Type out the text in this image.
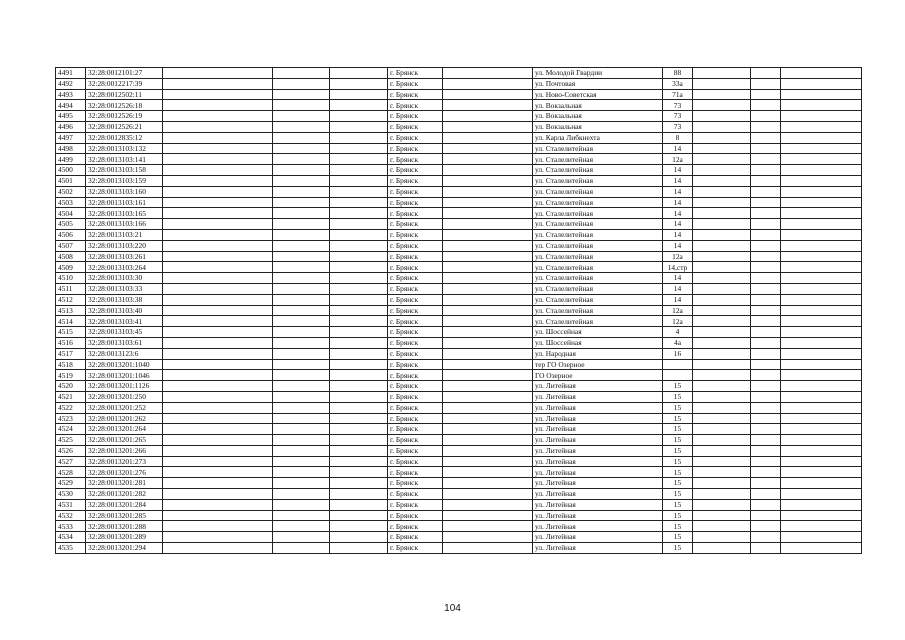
4491	32:28:0012101:27				г. Брянск		ул. Молодой Гвардии	88			
4492	32:28:0012217:39				г. Брянск		ул. Почтовая	33а			
4493	32:28:0012502:11				г. Брянск		ул. Ново-Советская	71а			
4494	32:28:0012526:18				г. Брянск		ул. Вокзальная	73			
4495	32:28:0012526:19				г. Брянск		ул. Вокзальная	73			
4496	32:28:0012526:21				г. Брянск		ул. Вокзальная	73			
4497	32:28:0012835:12				г. Брянск		ул. Карла Либкнехта	8			
4498	32:28:0013103:132				г. Брянск		ул. Сталелитейная	14			
4499	32:28:0013103:141				г. Брянск		ул. Сталелитейная	12а			
4500	32:28:0013103:158				г. Брянск		ул. Сталелитейная	14			
4501	32:28:0013103:159				г. Брянск		ул. Сталелитейная	14			
4502	32:28:0013103:160				г. Брянск		ул. Сталелитейная	14			
4503	32:28:0013103:161				г. Брянск		ул. Сталелитейная	14			
4504	32:28:0013103:165				г. Брянск		ул. Сталелитейная	14			
4505	32:28:0013103:166				г. Брянск		ул. Сталелитейная	14			
4506	32:28:0013103:21				г. Брянск		ул. Сталелитейная	14			
4507	32:28:0013103:220				г. Брянск		ул. Сталелитейная	14			
4508	32:28:0013103:261				г. Брянск		ул. Сталелитейная	12а			
4509	32:28:0013103:264				г. Брянск		ул. Сталелитейная	14,стр			
4510	32:28:0013103:30				г. Брянск		ул. Сталелитейная	14			
4511	32:28:0013103:33				г. Брянск		ул. Сталелитейная	14			
4512	32:28:0013103:38				г. Брянск		ул. Сталелитейная	14			
4513	32:28:0013103:40				г. Брянск		ул. Сталелитейная	12а			
4514	32:28:0013103:41				г. Брянск		ул. Сталелитейная	12а			
4515	32:28:0013103:45				г. Брянск		ул. Шоссейная	4			
4516	32:28:0013103:61				г. Брянск		ул. Шоссейная	4а			
4517	32:28:0013123:6				г. Брянск		ул. Народная	16			
4518	32:28:0013201:1040				г. Брянск		тер ГО Озерное				
4519	32:28:0013201:1046				г. Брянск		ГО Озерное				
4520	32:28:0013201:1126				г. Брянск		ул. Литейная	15			
4521	32:28:0013201:250				г. Брянск		ул. Литейная	15			
4522	32:28:0013201:252				г. Брянск		ул. Литейная	15			
4523	32:28:0013201:262				г. Брянск		ул. Литейная	15			
4524	32:28:0013201:264				г. Брянск		ул. Литейная	15			
4525	32:28:0013201:265				г. Брянск		ул. Литейная	15			
4526	32:28:0013201:266				г. Брянск		ул. Литейная	15			
4527	32:28:0013201:273				г. Брянск		ул. Литейная	15			
4528	32:28:0013201:276				г. Брянск		ул. Литейная	15			
4529	32:28:0013201:281				г. Брянск		ул. Литейная	15			
4530	32:28:0013201:282				г. Брянск		ул. Литейная	15			
4531	32:28:0013201:284				г. Брянск		ул. Литейная	15			
4532	32:28:0013201:285				г. Брянск		ул. Литейная	15			
4533	32:28:0013201:288				г. Брянск		ул. Литейная	15			
4534	32:28:0013201:289				г. Брянск		ул. Литейная	15			
4535	32:28:0013201:294				г. Брянск		ул. Литейная	15			
104
